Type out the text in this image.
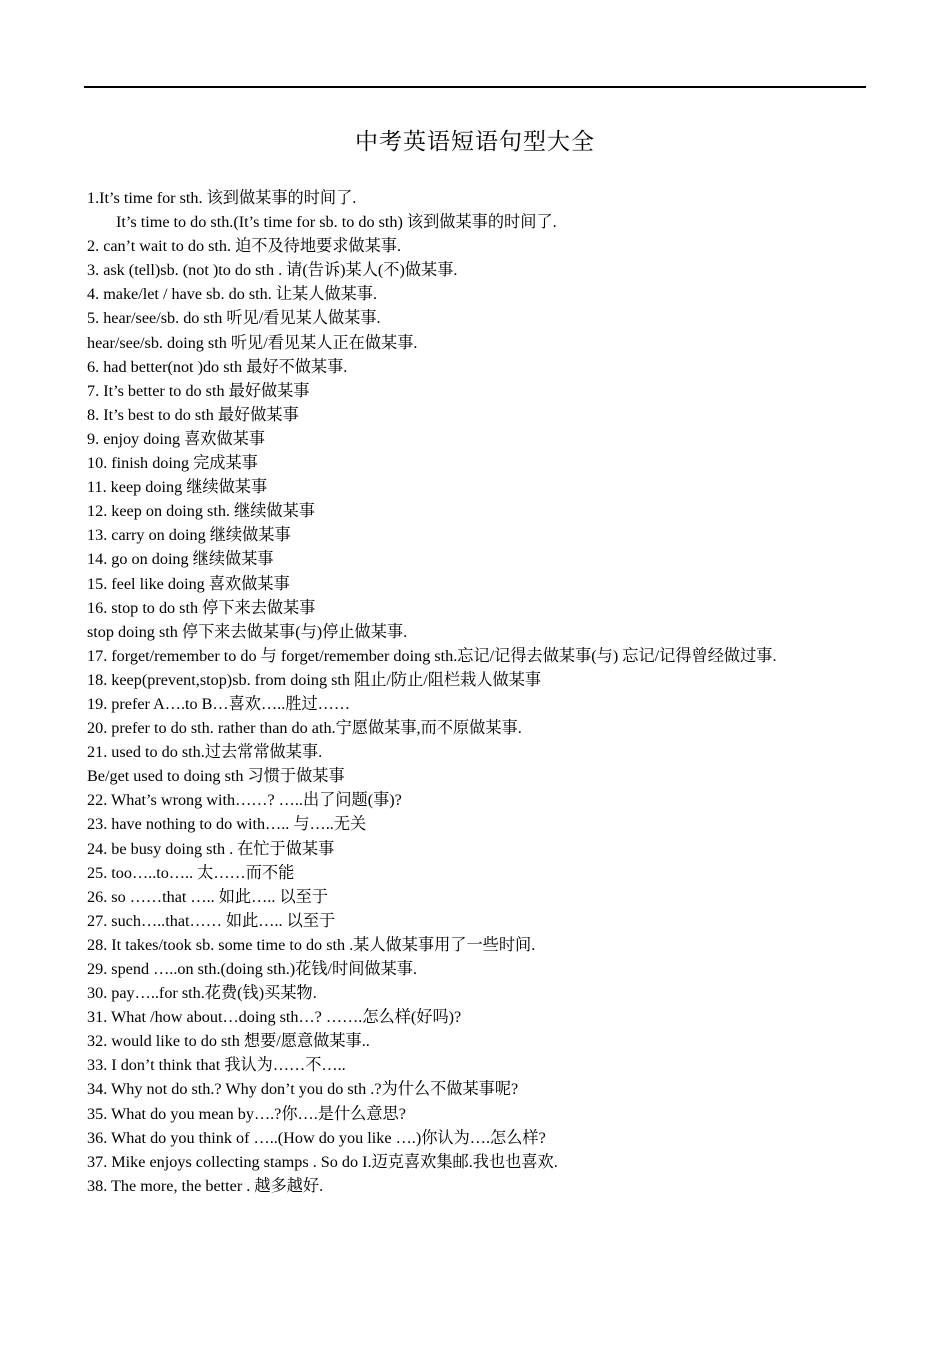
中考英语短语句型大全
1.It’s time for sth. 该到做某事的时间了.
It’s time to do sth.(It’s time for sb. to do sth) 该到做某事的时间了.
2. can’t wait to do sth. 迫不及待地要求做某事.
3. ask (tell)sb. (not )to do sth . 请(告诉)某人(不)做某事.
4. make/let / have sb. do sth. 让某人做某事.
5. hear/see/sb. do sth 听见/看见某人做某事.
hear/see/sb. doing sth 听见/看见某人正在做某事.
6. had better(not )do sth 最好不做某事.
7. It’s better to do sth 最好做某事
8. It’s best to do sth 最好做某事
9. enjoy doing 喜欢做某事
10. finish doing 完成某事
11. keep doing 继续做某事
12. keep on doing sth. 继续做某事
13. carry on doing 继续做某事
14. go on doing 继续做某事
15. feel like doing 喜欢做某事
16. stop to do sth 停下来去做某事
stop doing sth 停下来去做某事(与)停止做某事.
17. forget/remember to do 与 forget/remember doing sth.忘记/记得去做某事(与) 忘记/记得曾经做过事.
18. keep(prevent,stop)sb. from doing sth 阻止/防止/阻栏栽人做某事
19. prefer A….to B…喜欢…..胜过……
20. prefer to do sth. rather than do ath.宁愿做某事,而不原做某事.
21. used to do sth.过去常常做某事.
Be/get used to doing sth 习惯于做某事
22. What’s wrong with……? …..出了问题(事)?
23. have nothing to do with….. 与…..无关
24. be busy doing sth . 在忙于做某事
25. too…..to….. 太……而不能
26. so ……that ….. 如此….. 以至于
27. such…..that…… 如此….. 以至于
28. It takes/took sb. some time to do sth .某人做某事用了一些时间.
29. spend …..on sth.(doing sth.)花钱/时间做某事.
30. pay…..for sth.花费(钱)买某物.
31. What /how about…doing sth…? …….怎么样(好吗)?
32. would like to do sth 想要/愿意做某事..
33. I don’t think that 我认为……不…..
34. Why not do sth.? Why don’t you do sth .?为什么不做某事呢?
35. What do you mean by….?你….是什么意思?
36. What do you think of …..(How do you like ….)你认为….怎么样?
37. Mike enjoys collecting stamps . So do I.迈克喜欢集邮.我也也喜欢.
38. The more, the better . 越多越好.
